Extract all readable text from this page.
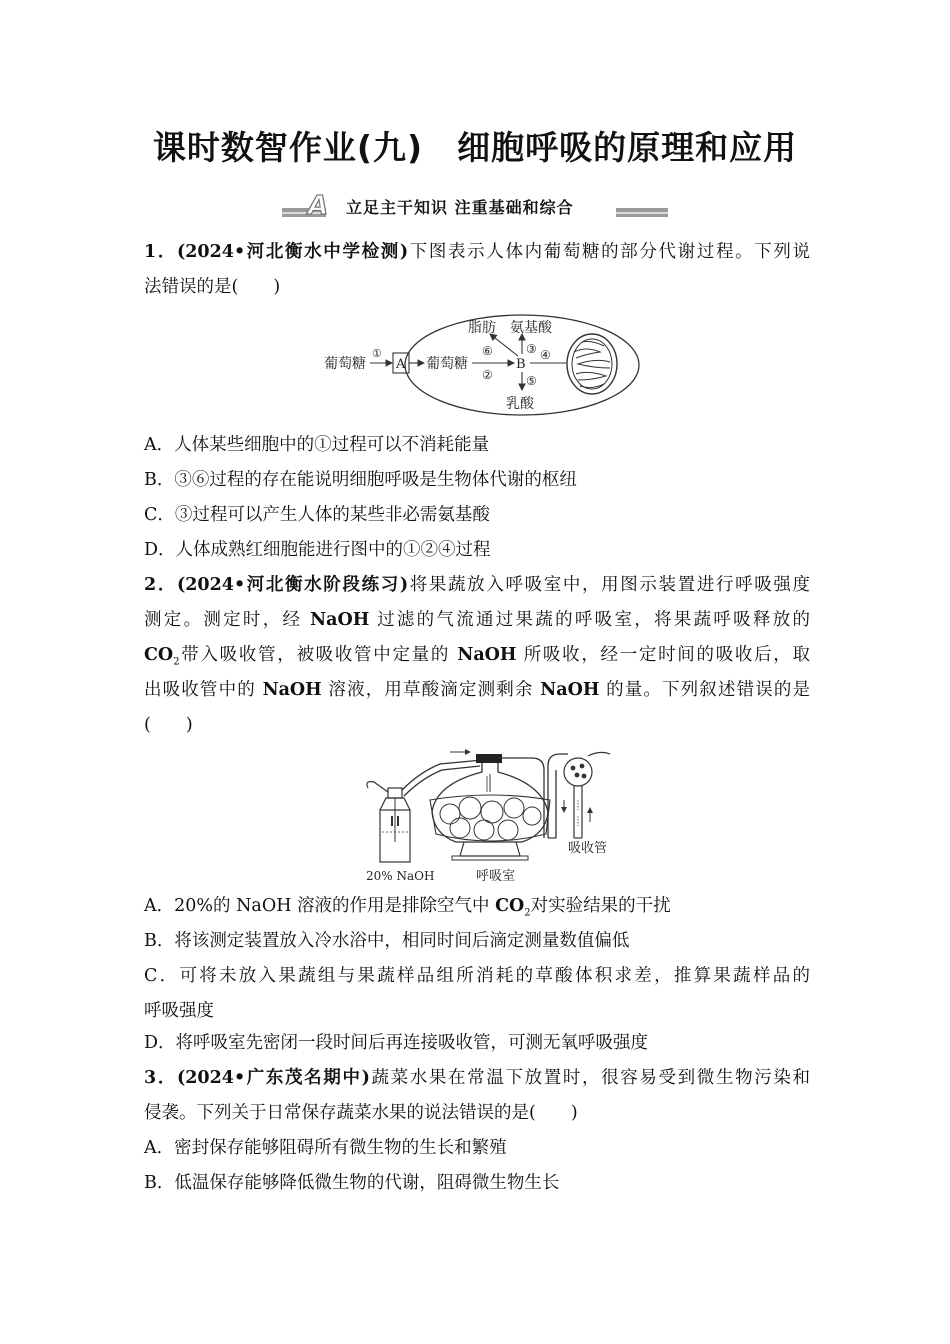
课时数智作业(九)　细胞呼吸的原理和应用
A 立足主干知识 注重基础和综合
1．(2024•河北衡水中学检测)下图表示人体内葡萄糖的部分代谢过程。下列说
法错误的是(　　)
葡萄糖
①
A 葡萄糖
②
B
⑥	③
脂肪 氨基酸
⑤
乳酸
④
A．人体某些细胞中的①过程可以不消耗能量
B．③⑥过程的存在能说明细胞呼吸是生物体代谢的枢纽
C．③过程可以产生人体的某些非必需氨基酸
D．人体成熟红细胞能进行图中的①②④过程
2．(2024•河北衡水阶段练习)将果蔬放入呼吸室中，用图示装置进行呼吸强度
测定。测定时，经 NaOH 过滤的气流通过果蔬的呼吸室，将果蔬呼吸释放的
$CO_2$带入吸收管，被吸收管中定量的 NaOH 所吸收，经一定时间的吸收后，取
出吸收管中的 NaOH 溶液，用草酸滴定测剩余 NaOH 的量。下列叙述错误的是
(　　)
20% NaOH	呼吸室
吸收管
A．20%的 NaOH 溶液的作用是排除空气中 $CO_2$对实验结果的干扰
B．将该测定装置放入冷水浴中，相同时间后滴定测量数值偏低
C．可将未放入果蔬组与果蔬样品组所消耗的草酸体积求差，推算果蔬样品的
呼吸强度
D．将呼吸室先密闭一段时间后再连接吸收管，可测无氧呼吸强度
3．(2024•广东茂名期中)蔬菜水果在常温下放置时，很容易受到微生物污染和
侵袭。下列关于日常保存蔬菜水果的说法错误的是(　　)
A．密封保存能够阻碍所有微生物的生长和繁殖
B．低温保存能够降低微生物的代谢，阻碍微生物生长
